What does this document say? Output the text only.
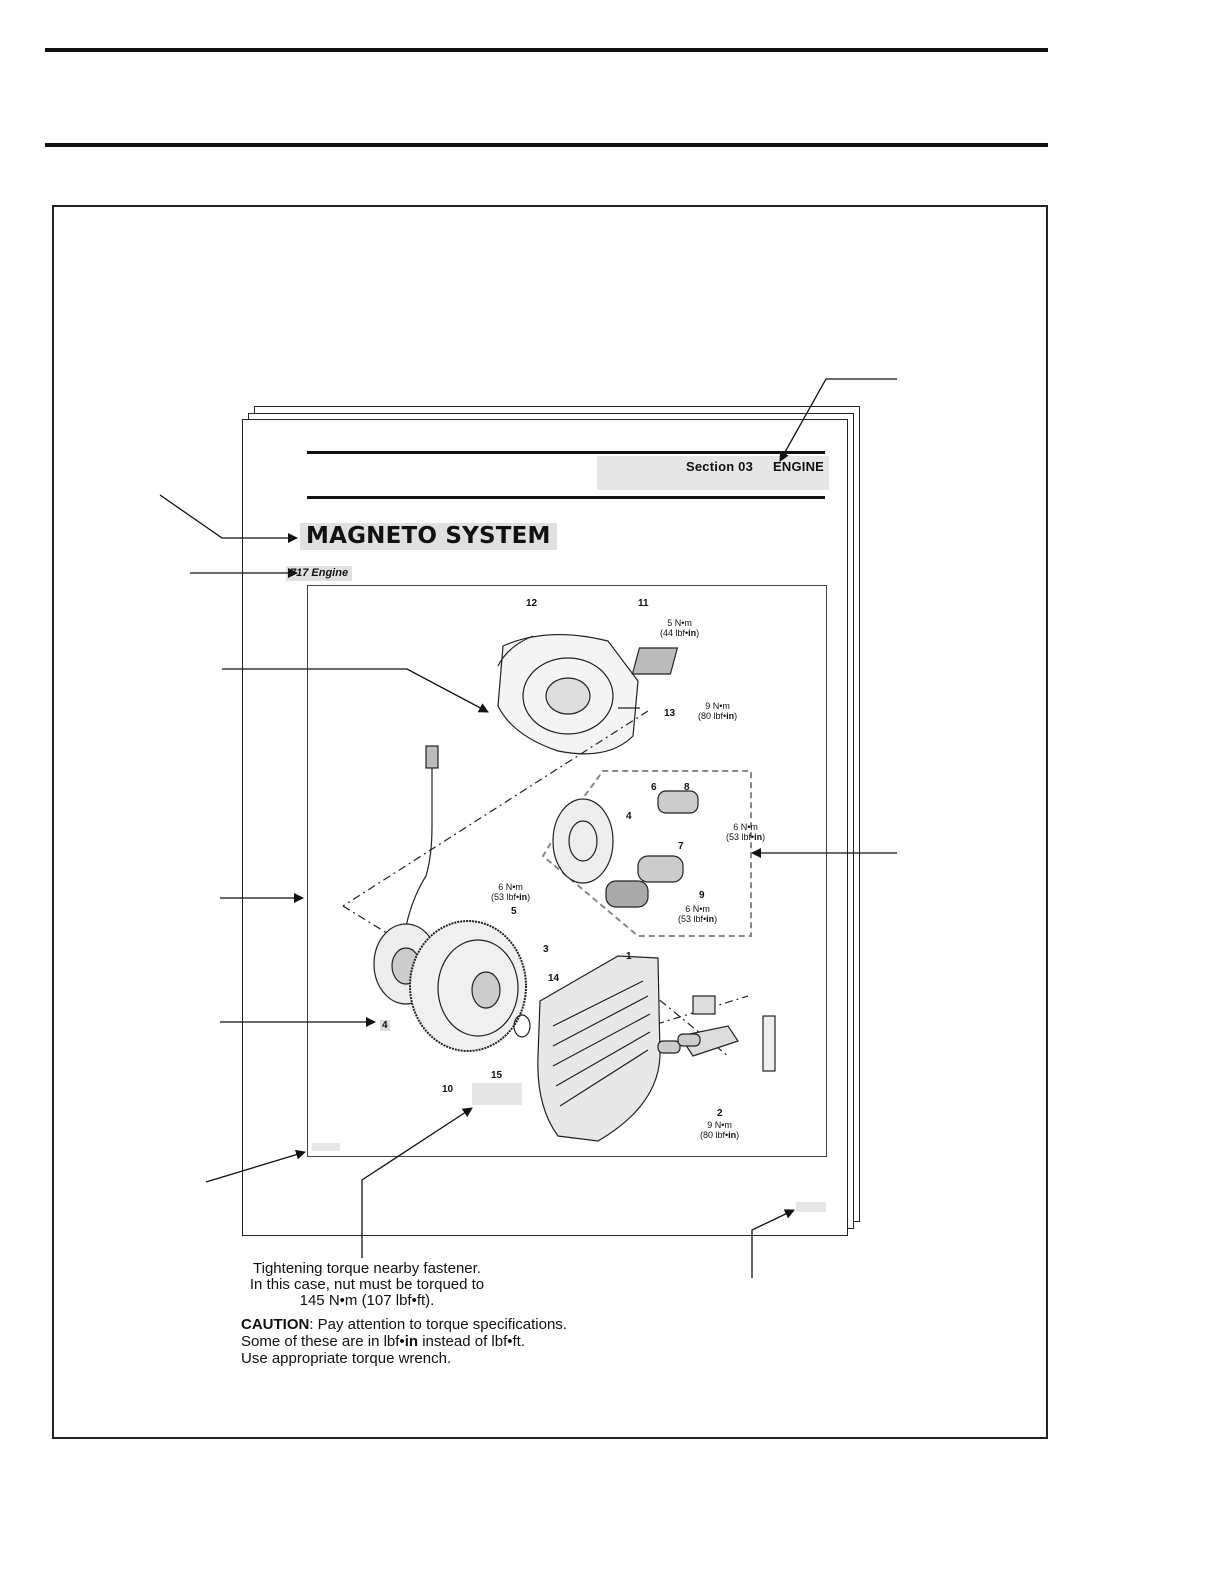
Section 03 ENGINE
MAGNETO SYSTEM
717 Engine
12	11
13
6	8
4
7
9
5
3
14
1
4
10
15
2
5 N•m
(44 lbf•in)
9 N•m
(80 lbf•in)
6 N•m
(53 lbf•in)
6 N•m
(53 lbf•in)
6 N•m
(53 lbf•in)
9 N•m
(80 lbf•in)
Tightening torque nearby fastener.
In this case, nut must be torqued to
145 N•m (107 lbf•ft).
CAUTION: Pay attention to torque specifications.
Some of these are in lbf•in instead of lbf•ft.
Use appropriate torque wrench.
